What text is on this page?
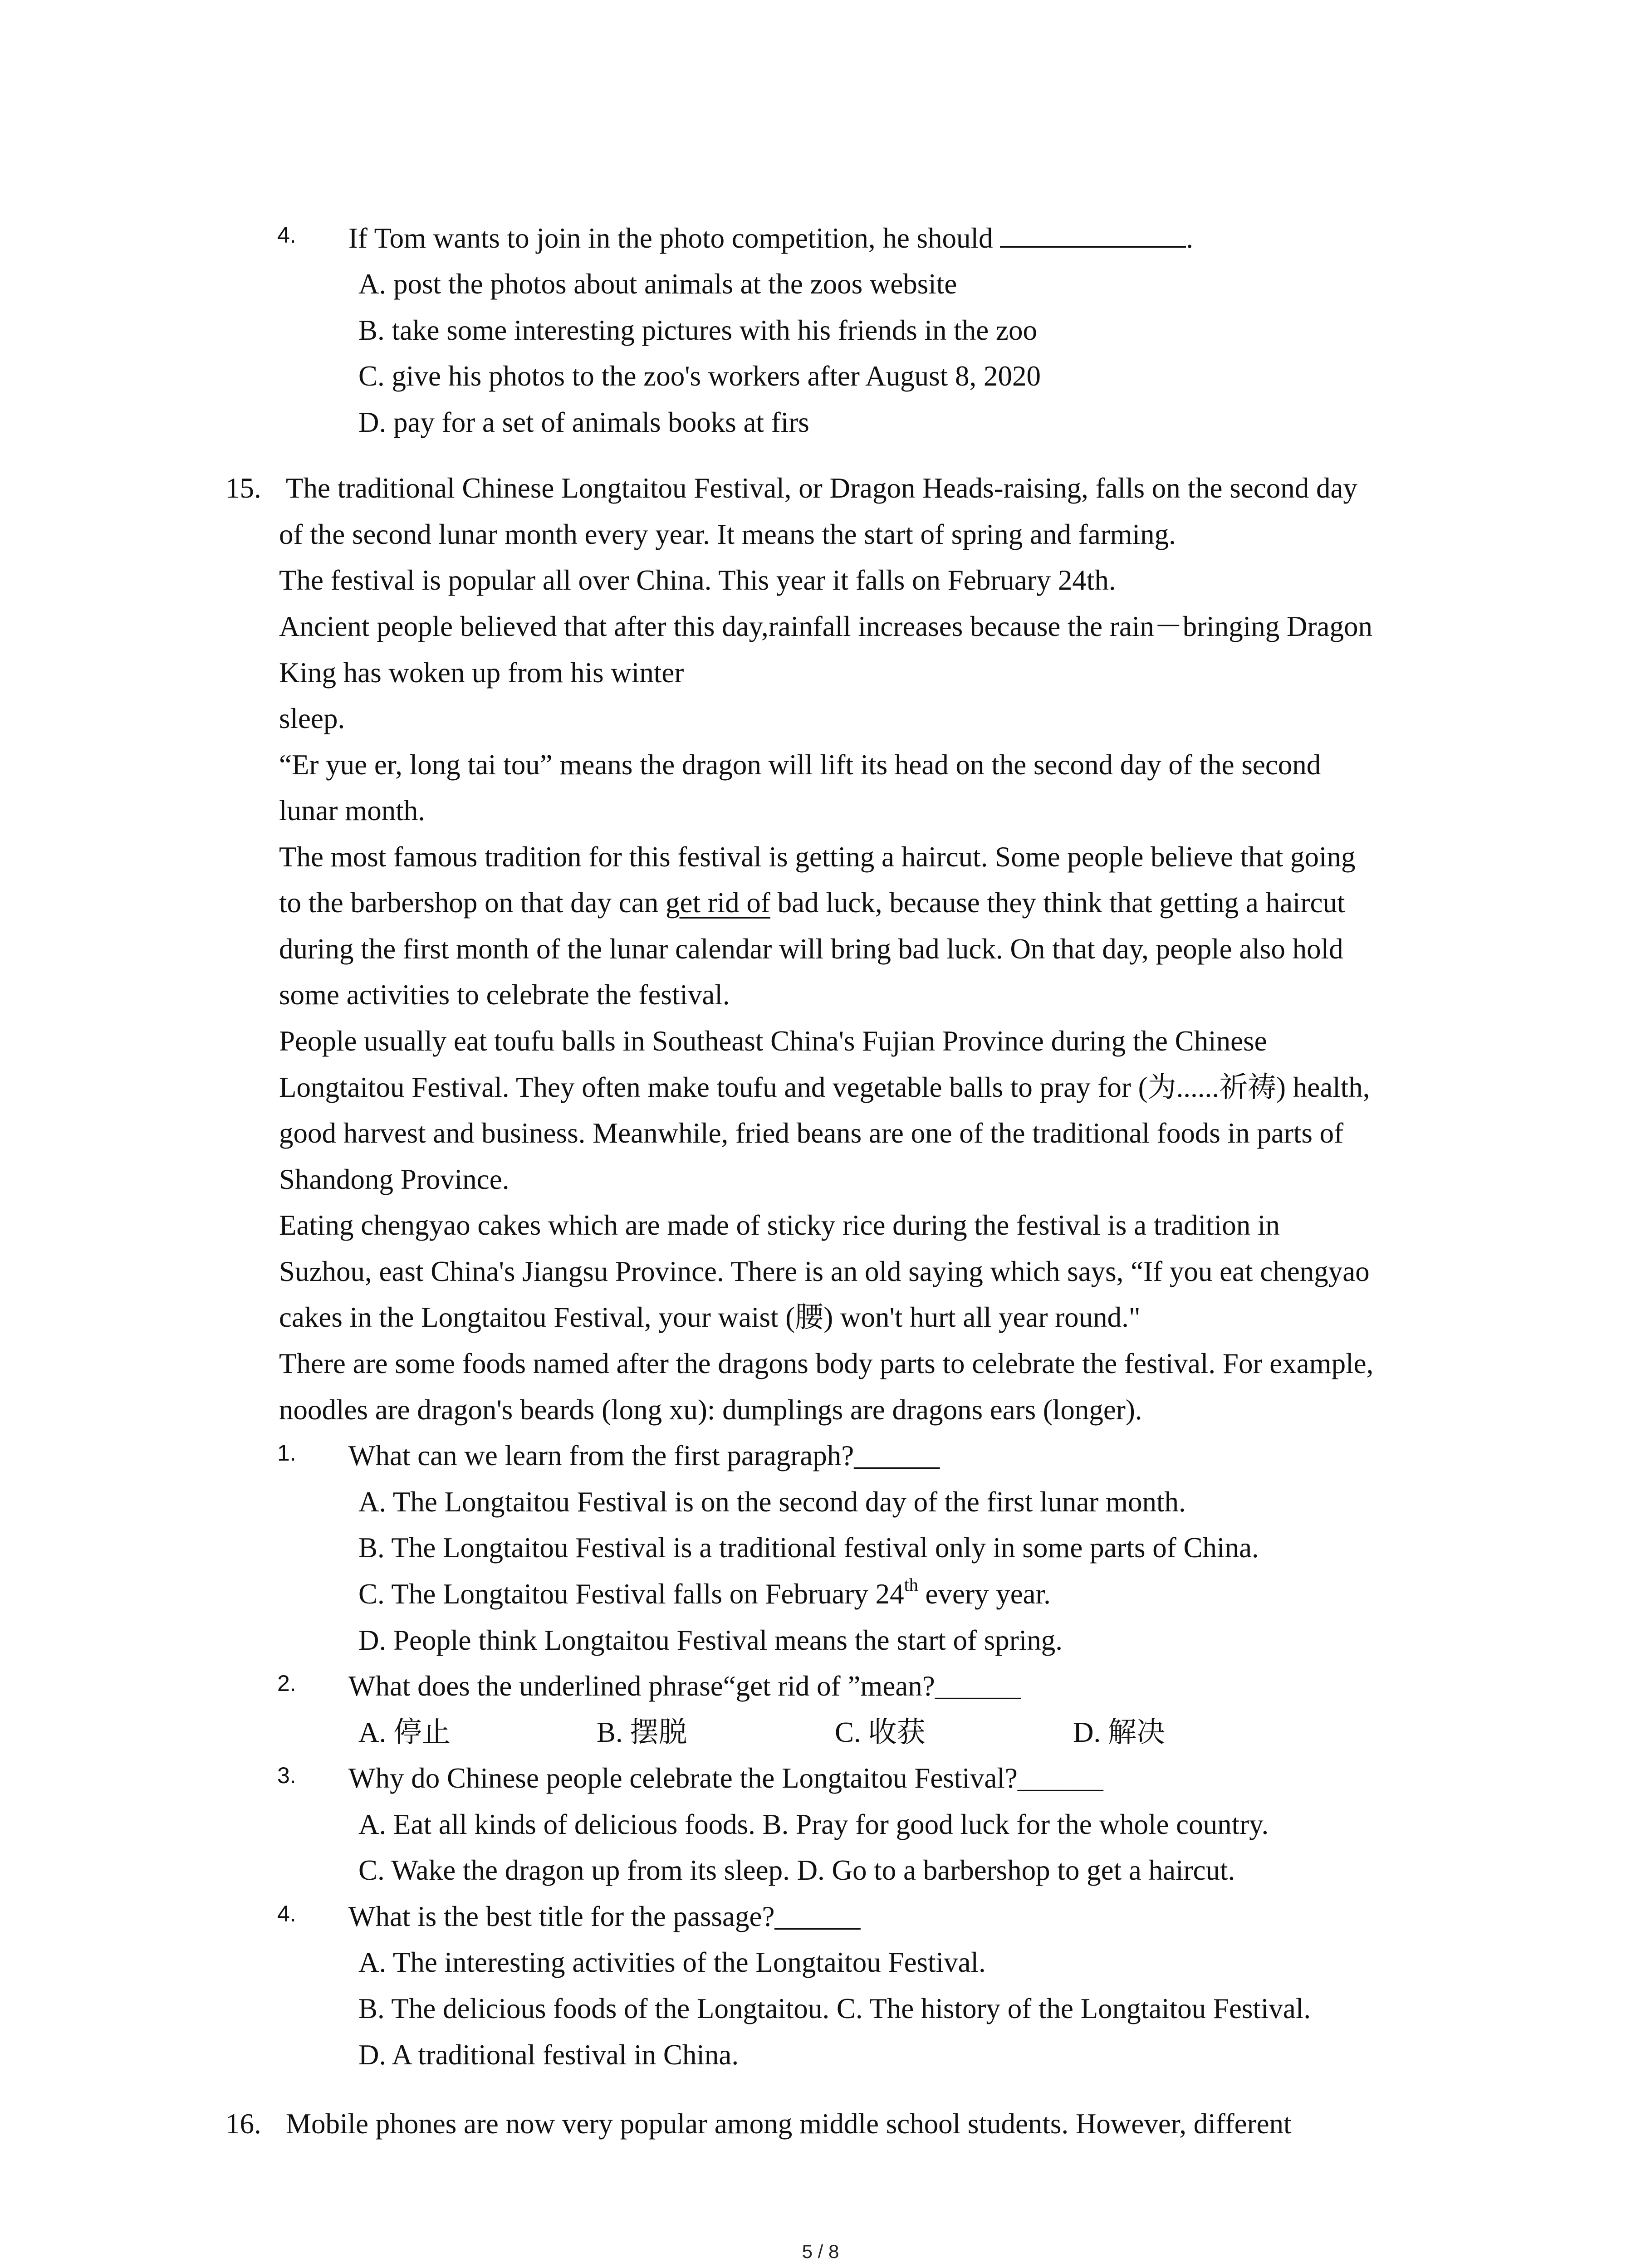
4. If Tom wants to join in the photo competition, he should	.
A. post the photos about animals at the zoos website
B. take some interesting pictures with his friends in the zoo
C. give his photos to the zoo's workers after August 8, 2020
D. pay for a set of animals books at firs
15. The traditional Chinese Longtaitou Festival, or Dragon Heads-raising, falls on the second day
of the second lunar month every year. It means the start of spring and farming.
The festival is popular all over China. This year it falls on February 24th.
Ancient people believed that after this day,rainfall increases because the rain－bringing Dragon
King has woken up from his winter
sleep.
“Er yue er, long tai tou” means the dragon will lift its head on the second day of the second
lunar month.
The most famous tradition for this festival is getting a haircut. Some people believe that going
to the barbershop on that day can get rid of bad luck, because they think that getting a haircut
during the first month of the lunar calendar will bring bad luck. On that day, people also hold
some activities to celebrate the festival.
People usually eat toufu balls in Southeast China's Fujian Province during the Chinese
Longtaitou Festival. They often make toufu and vegetable balls to pray for (为......祈祷) health,
good harvest and business. Meanwhile, fried beans are one of the traditional foods in parts of
Shandong Province.
Eating chengyao cakes which are made of sticky rice during the festival is a tradition in
Suzhou, east China's Jiangsu Province. There is an old saying which says, “If you eat chengyao
cakes in the Longtaitou Festival, your waist (腰) won't hurt all year round."
There are some foods named after the dragons body parts to celebrate the festival. For example,
noodles are dragon's beards (long xu): dumplings are dragons ears (longer).
1. What can we learn from the first paragraph?______
A. The Longtaitou Festival is on the second day of the first lunar month.
B. The Longtaitou Festival is a traditional festival only in some parts of China.
C. The Longtaitou Festival falls on February 24th every year.
D. People think Longtaitou Festival means the start of spring.
2. What does the underlined phrase“get rid of ”mean?______
A. 停止	B. 摆脱	C. 收获	D. 解决
3. Why do Chinese people celebrate the Longtaitou Festival?______
A. Eat all kinds of delicious foods. B. Pray for good luck for the whole country.
C. Wake the dragon up from its sleep. D. Go to a barbershop to get a haircut.
4. What is the best title for the passage?______
A. The interesting activities of the Longtaitou Festival.
B. The delicious foods of the Longtaitou. C. The history of the Longtaitou Festival.
D. A traditional festival in China.
16. Mobile phones are now very popular among middle school students. However, different
5 / 8
